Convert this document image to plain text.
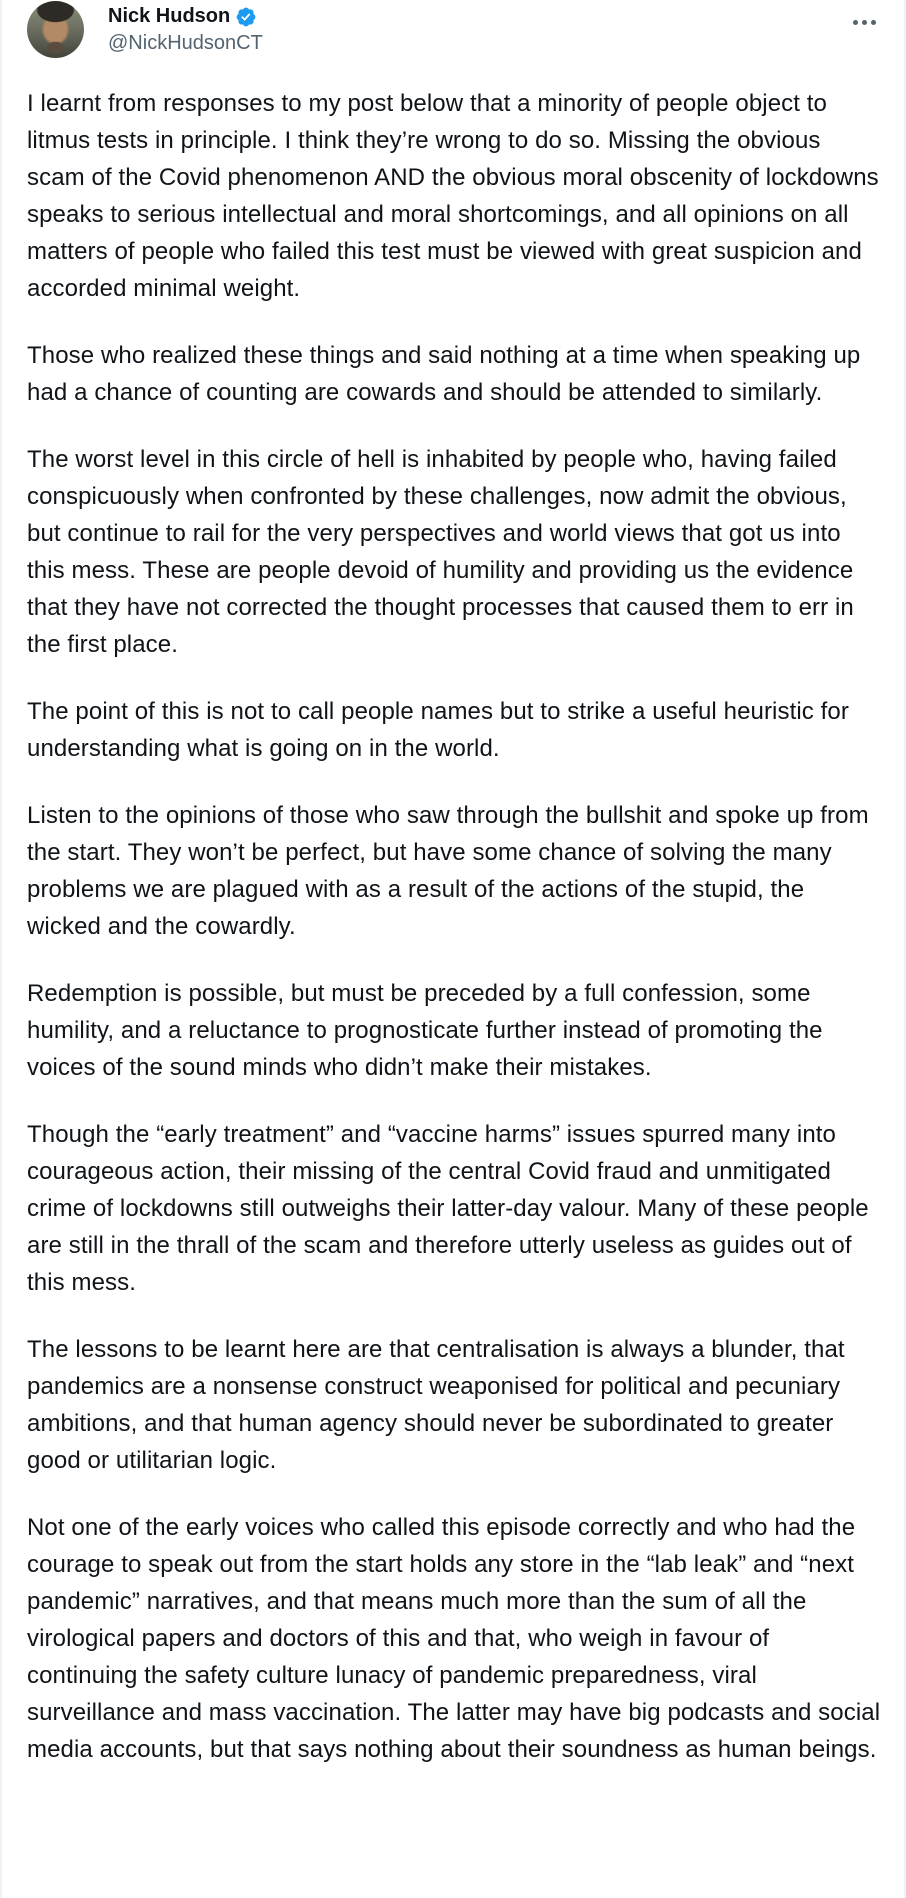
Nick Hudson
@NickHudsonCT

I learnt from responses to my post below that a minority of people object to litmus tests in principle. I think they’re wrong to do so. Missing the obvious scam of the Covid phenomenon AND the obvious moral obscenity of lockdowns speaks to serious intellectual and moral shortcomings, and all opinions on all matters of people who failed this test must be viewed with great suspicion and accorded minimal weight.

Those who realized these things and said nothing at a time when speaking up had a chance of counting are cowards and should be attended to similarly.

The worst level in this circle of hell is inhabited by people who, having failed conspicuously when confronted by these challenges, now admit the obvious, but continue to rail for the very perspectives and world views that got us into this mess. These are people devoid of humility and providing us the evidence that they have not corrected the thought processes that caused them to err in the first place.

The point of this is not to call people names but to strike a useful heuristic for understanding what is going on in the world.

Listen to the opinions of those who saw through the bullshit and spoke up from the start. They won’t be perfect, but have some chance of solving the many problems we are plagued with as a result of the actions of the stupid, the wicked and the cowardly.

Redemption is possible, but must be preceded by a full confession, some humility, and a reluctance to prognosticate further instead of promoting the voices of the sound minds who didn’t make their mistakes.

Though the “early treatment” and “vaccine harms” issues spurred many into courageous action, their missing of the central Covid fraud and unmitigated crime of lockdowns still outweighs their latter-day valour. Many of these people are still in the thrall of the scam and therefore utterly useless as guides out of this mess.

The lessons to be learnt here are that centralisation is always a blunder, that pandemics are a nonsense construct weaponised for political and pecuniary ambitions, and that human agency should never be subordinated to greater good or utilitarian logic.

Not one of the early voices who called this episode correctly and who had the courage to speak out from the start holds any store in the “lab leak” and “next pandemic” narratives, and that means much more than the sum of all the virological papers and doctors of this and that, who weigh in favour of continuing the safety culture lunacy of pandemic preparedness, viral surveillance and mass vaccination. The latter may have big podcasts and social media accounts, but that says nothing about their soundness as human beings.
